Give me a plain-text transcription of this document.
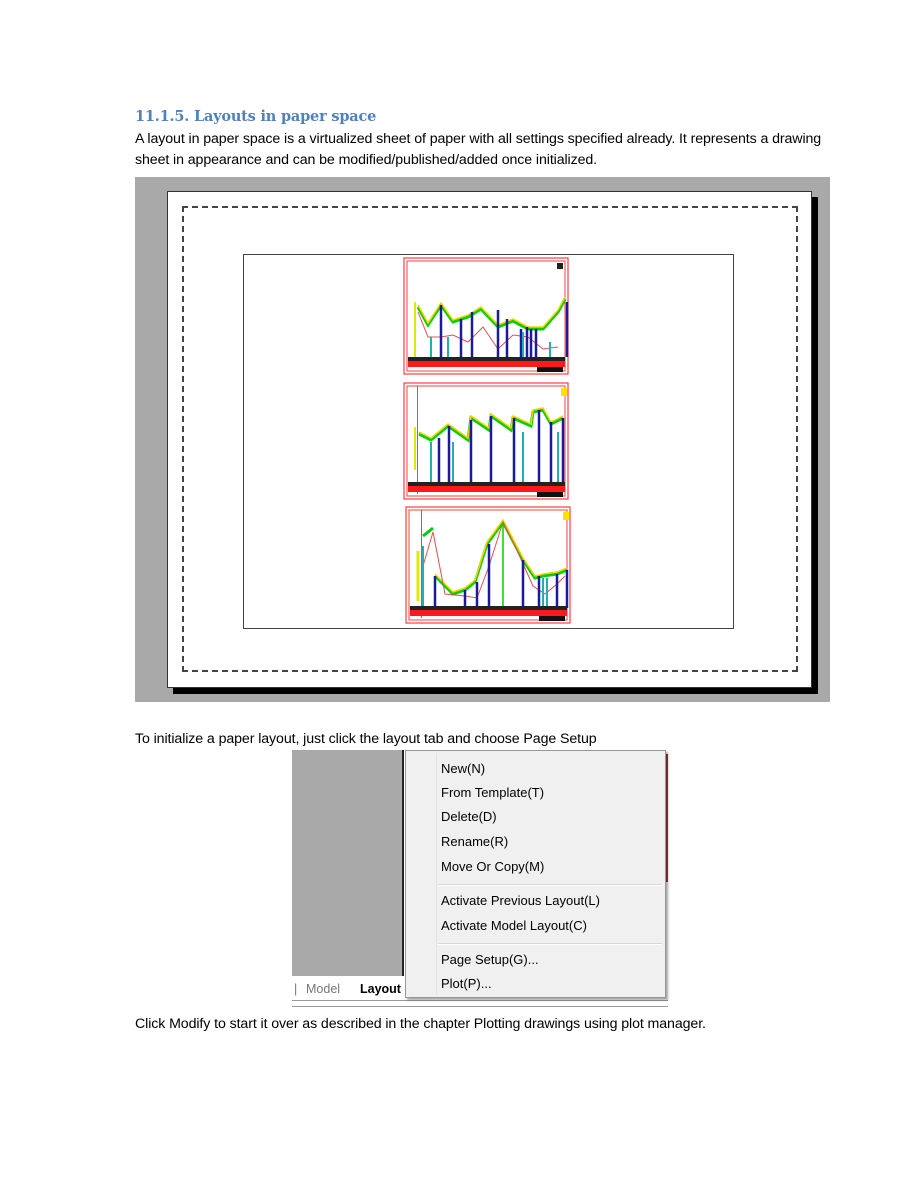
11.1.5. Layouts in paper space
A layout in paper space is a virtualized sheet of paper with all settings specified already. It represents a drawing sheet in appearance and can be modified/published/added once initialized.
To initialize a paper layout, just click the layout tab and choose Page Setup
| Model Layout
New(N)
From Template(T)
Delete(D)
Rename(R)
Move Or Copy(M)
Activate Previous Layout(L)
Activate Model Layout(C)
Page Setup(G)...
Plot(P)...
Click Modify to start it over as described in the chapter Plotting drawings using plot manager.
